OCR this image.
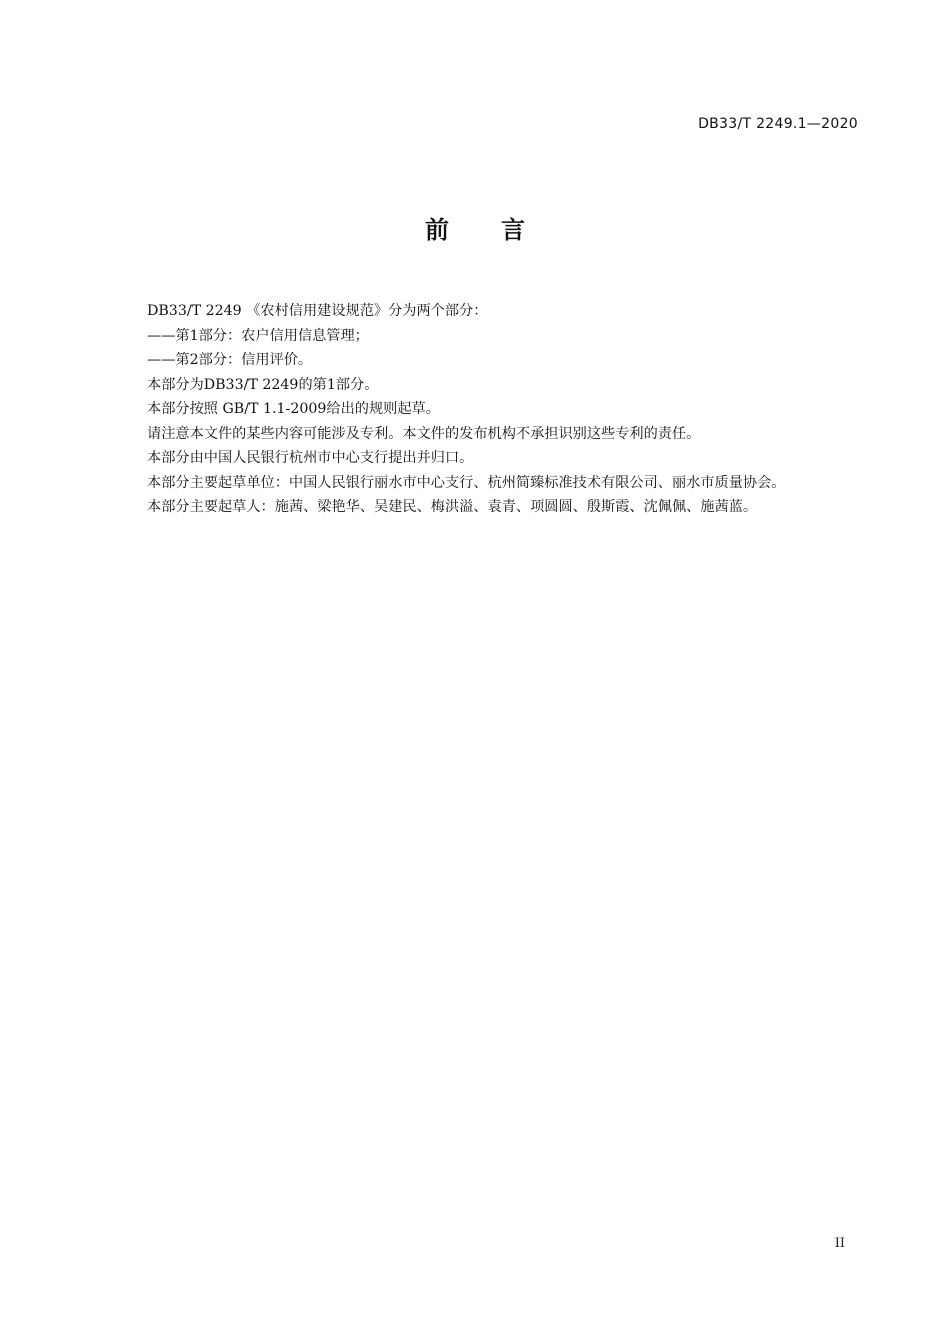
DB33/T 2249.1—2020
前言

DB33/T 2249 《农村信用建设规范》分为两个部分：

——第1部分：农户信用信息管理；

——第2部分：信用评价。

本部分为DB33/T 2249的第1部分。

本部分按照 GB/T 1.1-2009给出的规则起草。

请注意本文件的某些内容可能涉及专利。本文件的发布机构不承担识别这些专利的责任。

本部分由中国人民银行杭州市中心支行提出并归口。

本部分主要起草单位：中国人民银行丽水市中心支行、杭州简臻标准技术有限公司、丽水市质量协会。

本部分主要起草人：施茜、梁艳华、吴建民、梅洪溢、袁青、项圆圆、殷斯霞、沈佩佩、施茜蓝。

II
